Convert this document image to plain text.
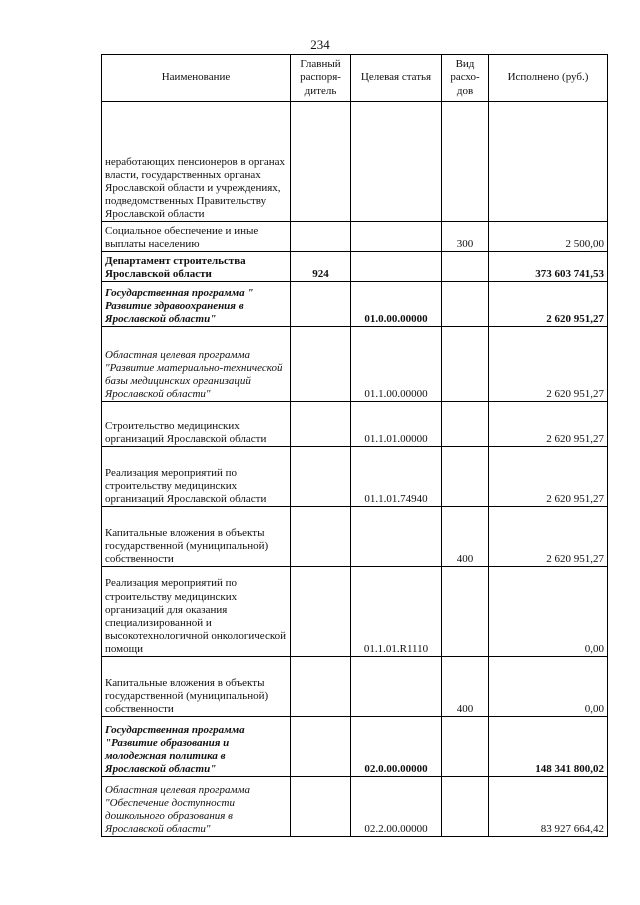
234
Наименование	Главный распоря-дитель	Целевая статья	Вид расхо-дов	Исполнено (руб.)
неработающих пенсионеров в органах власти, государственных органах Ярославской области и учреждениях, подведомственных Правительству Ярославской области				
Социальное обеспечение и иные выплаты населению			300	2 500,00
Департамент строительства Ярославской области	924			373 603 741,53
Государственная программа " Развитие здравоохранения в Ярославской области"		01.0.00.00000		2 620 951,27
Областная целевая программа "Развитие материально-технической базы медицинских организаций Ярославской области"		01.1.00.00000		2 620 951,27
Строительство медицинских организаций Ярославской области		01.1.01.00000		2 620 951,27
Реализация мероприятий по строительству медицинских организаций Ярославской области		01.1.01.74940		2 620 951,27
Капитальные вложения в объекты государственной (муниципальной) собственности			400	2 620 951,27
Реализация мероприятий по строительству медицинских организаций для оказания специализированной и высокотехнологичной онкологической помощи		01.1.01.R1110		0,00
Капитальные вложения в объекты государственной (муниципальной) собственности			400	0,00
Государственная программа "Развитие образования и молодежная политика в Ярославской области"		02.0.00.00000		148 341 800,02
Областная целевая программа "Обеспечение доступности дошкольного образования в Ярославской области"		02.2.00.00000		83 927 664,42
